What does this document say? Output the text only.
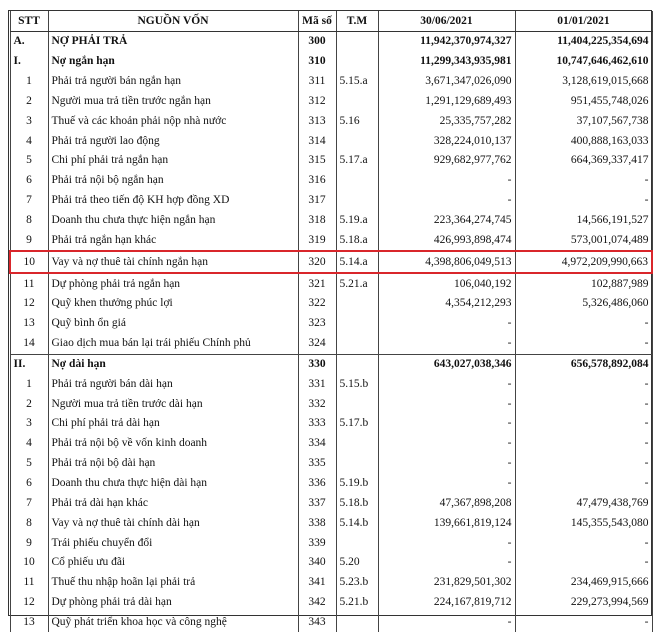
STT	NGUỒN VỐN	Mã số	T.M	30/06/2021	01/01/2021
A.	NỢ PHẢI TRẢ	300		11,942,370,974,327	11,404,225,354,694
I.	Nợ ngắn hạn	310		11,299,343,935,981	10,747,646,462,610
1	Phải trả người bán ngắn hạn	311	5.15.a	3,671,347,026,090	3,128,619,015,668
2	Người mua trả tiền trước ngắn hạn	312		1,291,129,689,493	951,455,748,026
3	Thuế và các khoản phải nộp nhà nước	313	5.16	25,335,757,282	37,107,567,738
4	Phải trả người lao động	314		328,224,010,137	400,888,163,033
5	Chi phí phải trả ngắn hạn	315	5.17.a	929,682,977,762	664,369,337,417
6	Phải trả nội bộ ngắn hạn	316		-	-
7	Phải trả theo tiến độ KH hợp đồng XD	317		-	-
8	Doanh thu chưa thực hiện ngắn hạn	318	5.19.a	223,364,274,745	14,566,191,527
9	Phải trả ngắn hạn khác	319	5.18.a	426,993,898,474	573,001,074,489
10	Vay và nợ thuê tài chính ngắn hạn	320	5.14.a	4,398,806,049,513	4,972,209,990,663
11	Dự phòng phải trả ngắn hạn	321	5.21.a	106,040,192	102,887,989
12	Quỹ khen thưởng phúc lợi	322		4,354,212,293	5,326,486,060
13	Quỹ bình ổn giá	323		-	-
14	Giao dịch mua bán lại trái phiếu Chính phủ	324		-	-
II.	Nợ dài hạn	330		643,027,038,346	656,578,892,084
1	Phải trả người bán dài hạn	331	5.15.b	-	-
2	Người mua trả tiền trước dài hạn	332		-	-
3	Chi phí phải trả dài hạn	333	5.17.b	-	-
4	Phải trả nội bộ về vốn kinh doanh	334		-	-
5	Phải trả nội bộ dài hạn	335		-	-
6	Doanh thu chưa thực hiện dài hạn	336	5.19.b	-	-
7	Phải trả dài hạn khác	337	5.18.b	47,367,898,208	47,479,438,769
8	Vay và nợ thuê tài chính dài hạn	338	5.14.b	139,661,819,124	145,355,543,080
9	Trái phiếu chuyển đổi	339		-	-
10	Cổ phiếu ưu đãi	340	5.20	-	-
11	Thuế thu nhập hoãn lại phải trả	341	5.23.b	231,829,501,302	234,469,915,666
12	Dự phòng phải trả dài hạn	342	5.21.b	224,167,819,712	229,273,994,569
13	Quỹ phát triển khoa học và công nghệ	343		-	-
